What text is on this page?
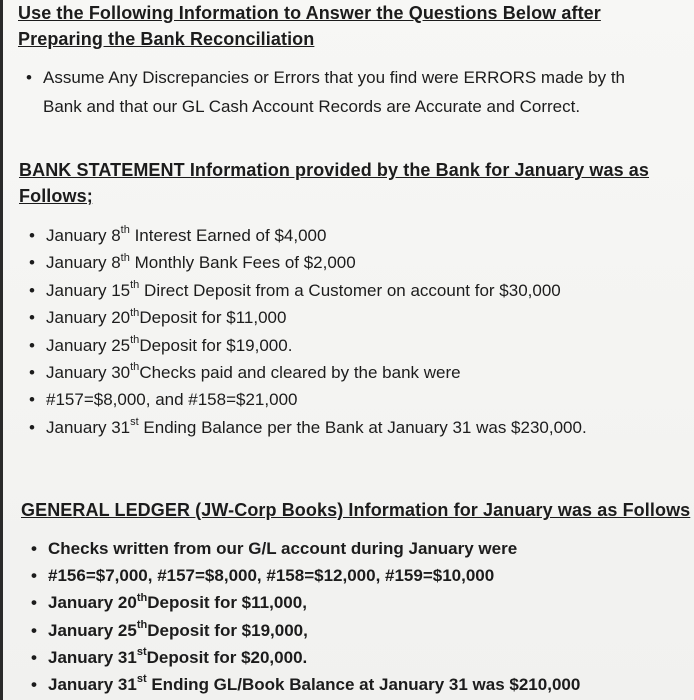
Use the Following Information to Answer the Questions Below after
Preparing the Bank Reconciliation
• Assume Any Discrepancies or Errors that you find were ERRORS made by th
Bank and that our GL Cash Account Records are Accurate and Correct.
BANK STATEMENT Information provided by the Bank for January was as
Follows;
• January 8th Interest Earned of $4,000
• January 8th Monthly Bank Fees of $2,000
• January 15th Direct Deposit from a Customer on account for $30,000
• January 20thDeposit for $11,000
• January 25thDeposit for $19,000.
• January 30thChecks paid and cleared by the bank were
• #157=$8,000, and #158=$21,000
• January 31st Ending Balance per the Bank at January 31 was $230,000.
GENERAL LEDGER (JW-Corp Books) Information for January was as Follows
• Checks written from our G/L account during January were
• #156=$7,000, #157=$8,000, #158=$12,000, #159=$10,000
• January 20thDeposit for $11,000,
• January 25thDeposit for $19,000,
• January 31stDeposit for $20,000.
• January 31st Ending GL/Book Balance at January 31 was $210,000
